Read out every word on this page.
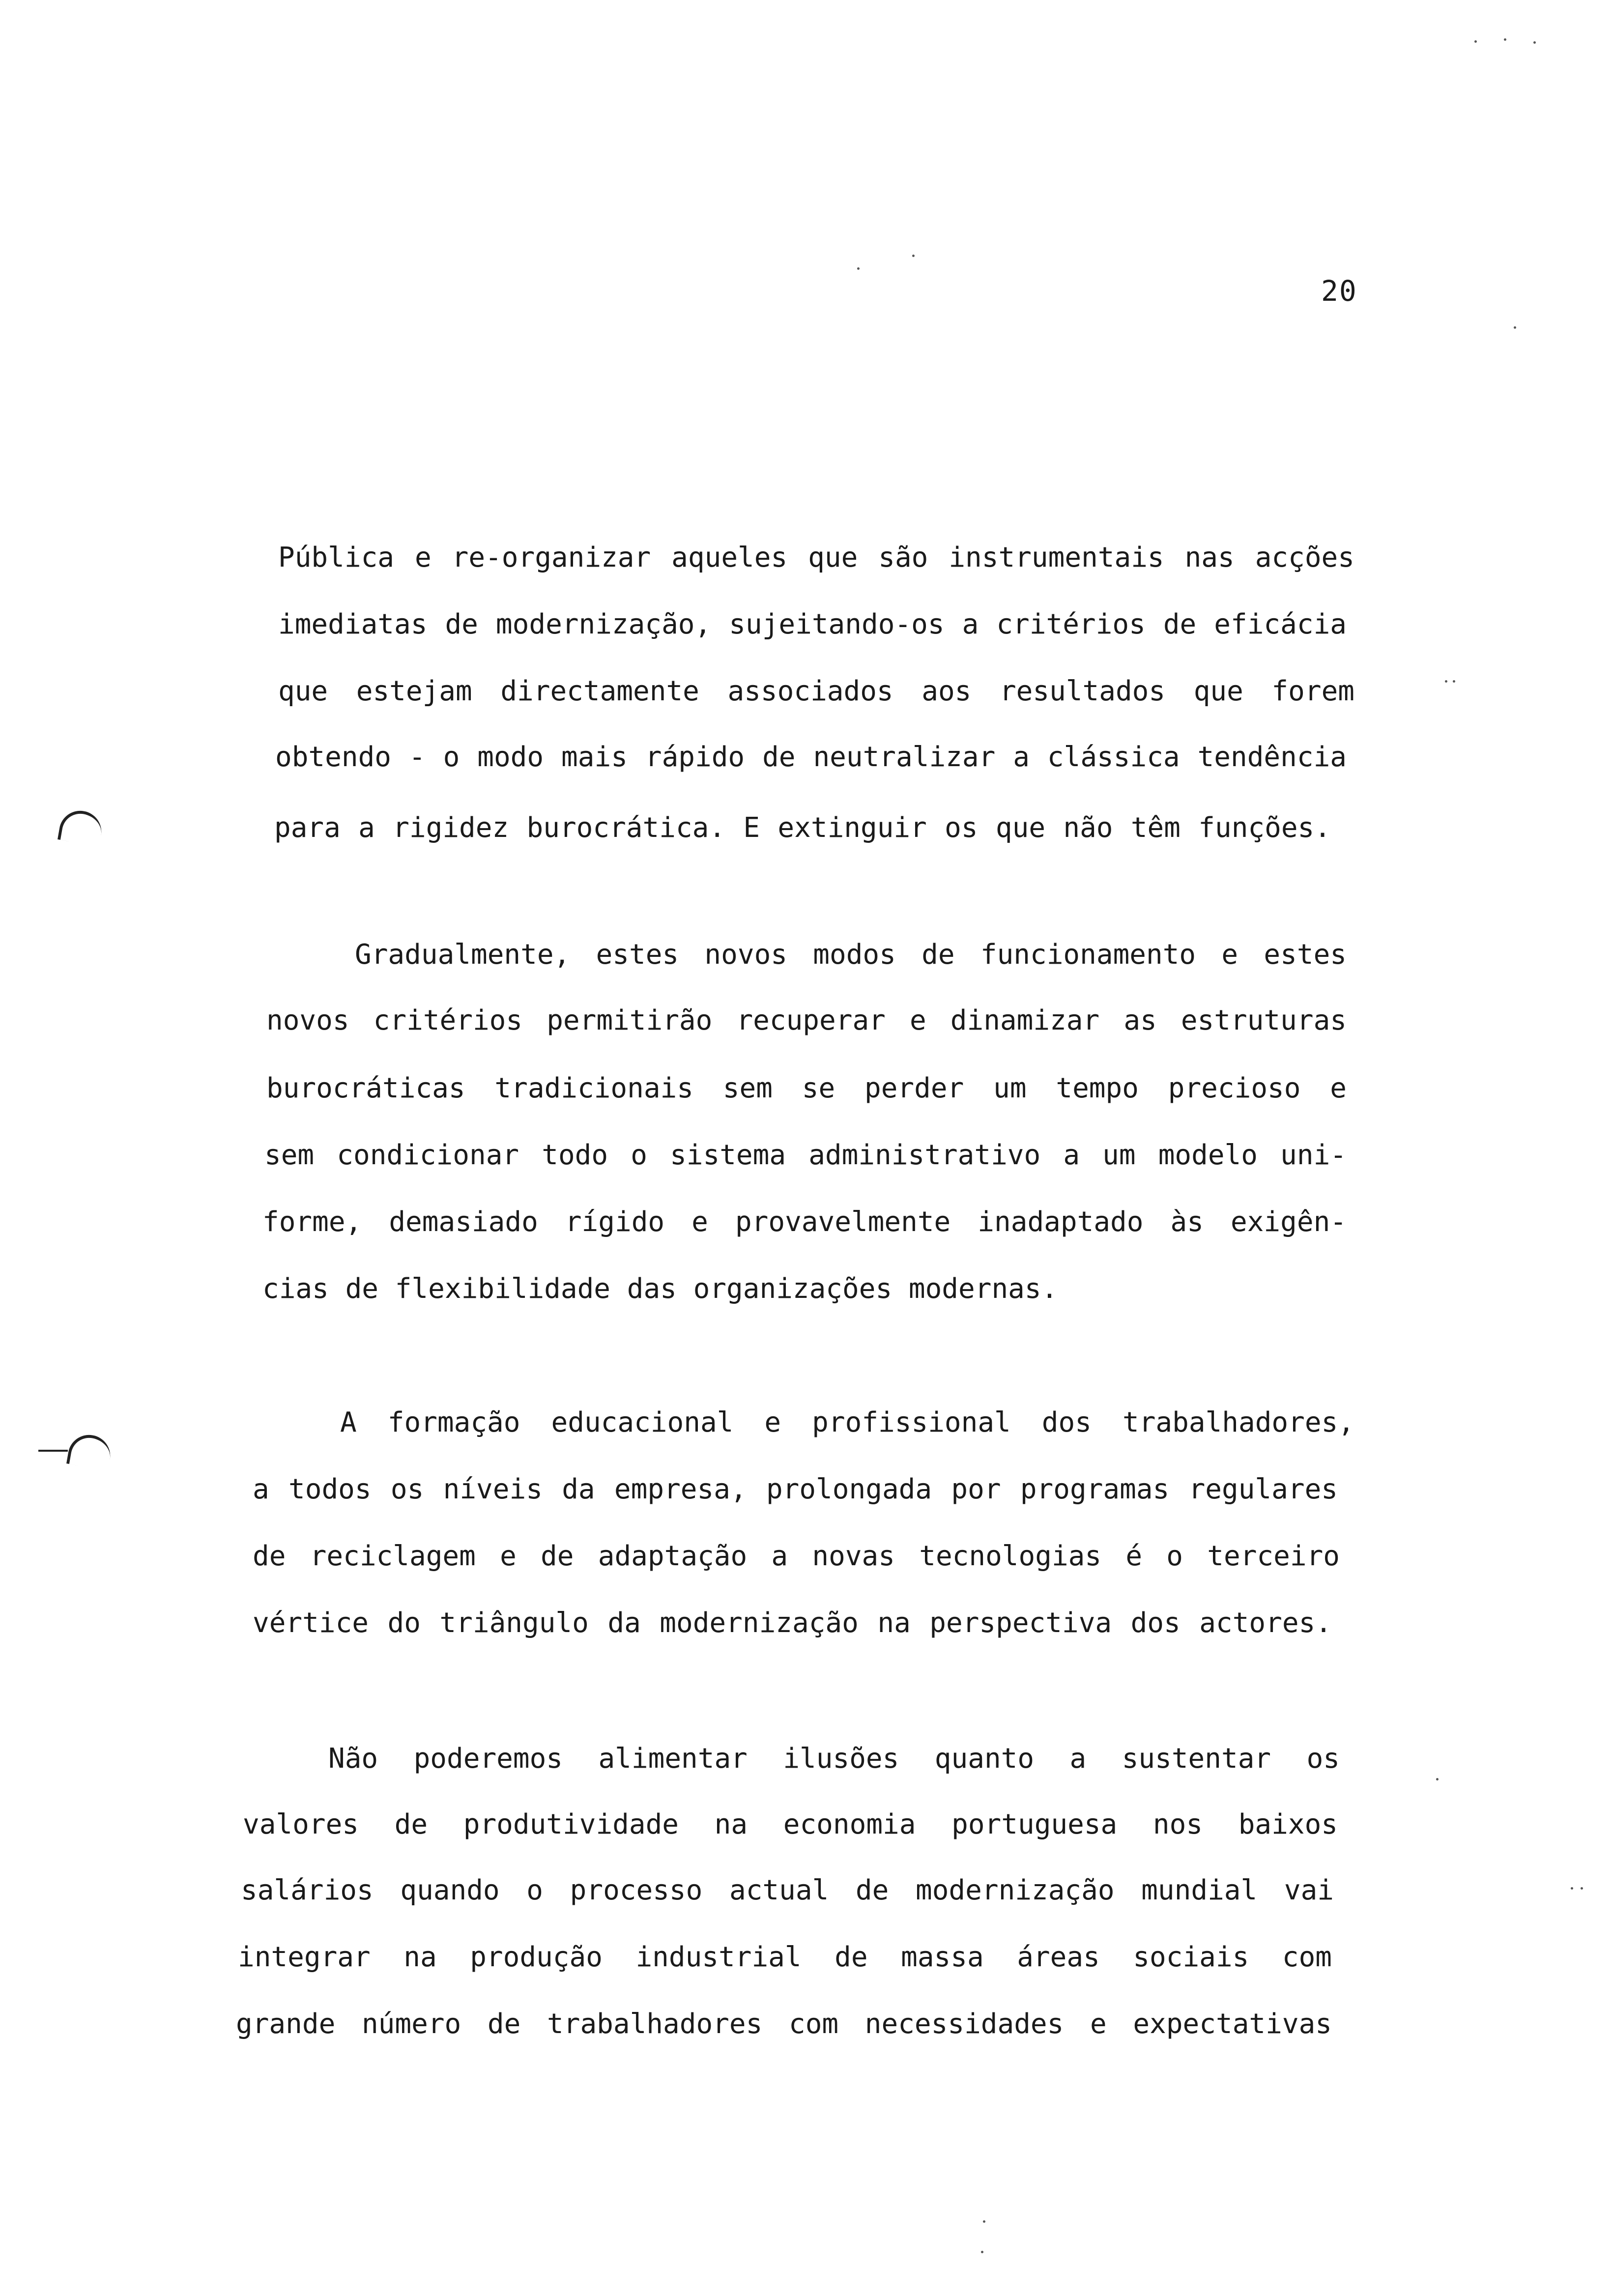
20
Pública e re-organizar aqueles que são instrumentais nas acções
imediatas de modernização, sujeitando-os a critérios de eficácia
que estejam directamente associados aos resultados que forem
obtendo - o modo mais rápido de neutralizar a clássica tendência
para a rigidez burocrática. E extinguir os que não têm funções.
Gradualmente, estes novos modos de funcionamento e estes
novos critérios permitirão recuperar e dinamizar as estruturas
burocráticas tradicionais sem se perder um tempo precioso e
sem condicionar todo o sistema administrativo a um modelo uni-
forme, demasiado rígido e provavelmente inadaptado às exigên-
cias de flexibilidade das organizações modernas.
A formação educacional e profissional dos trabalhadores,
a todos os níveis da empresa, prolongada por programas regulares
de reciclagem e de adaptação a novas tecnologias é o terceiro
vértice do triângulo da modernização na perspectiva dos actores.
Não poderemos alimentar ilusões quanto a sustentar os
valores de produtividade na economia portuguesa nos baixos
salários quando o processo actual de modernização mundial vai
integrar na produção industrial de massa áreas sociais com
grande número de trabalhadores com necessidades e expectativas
